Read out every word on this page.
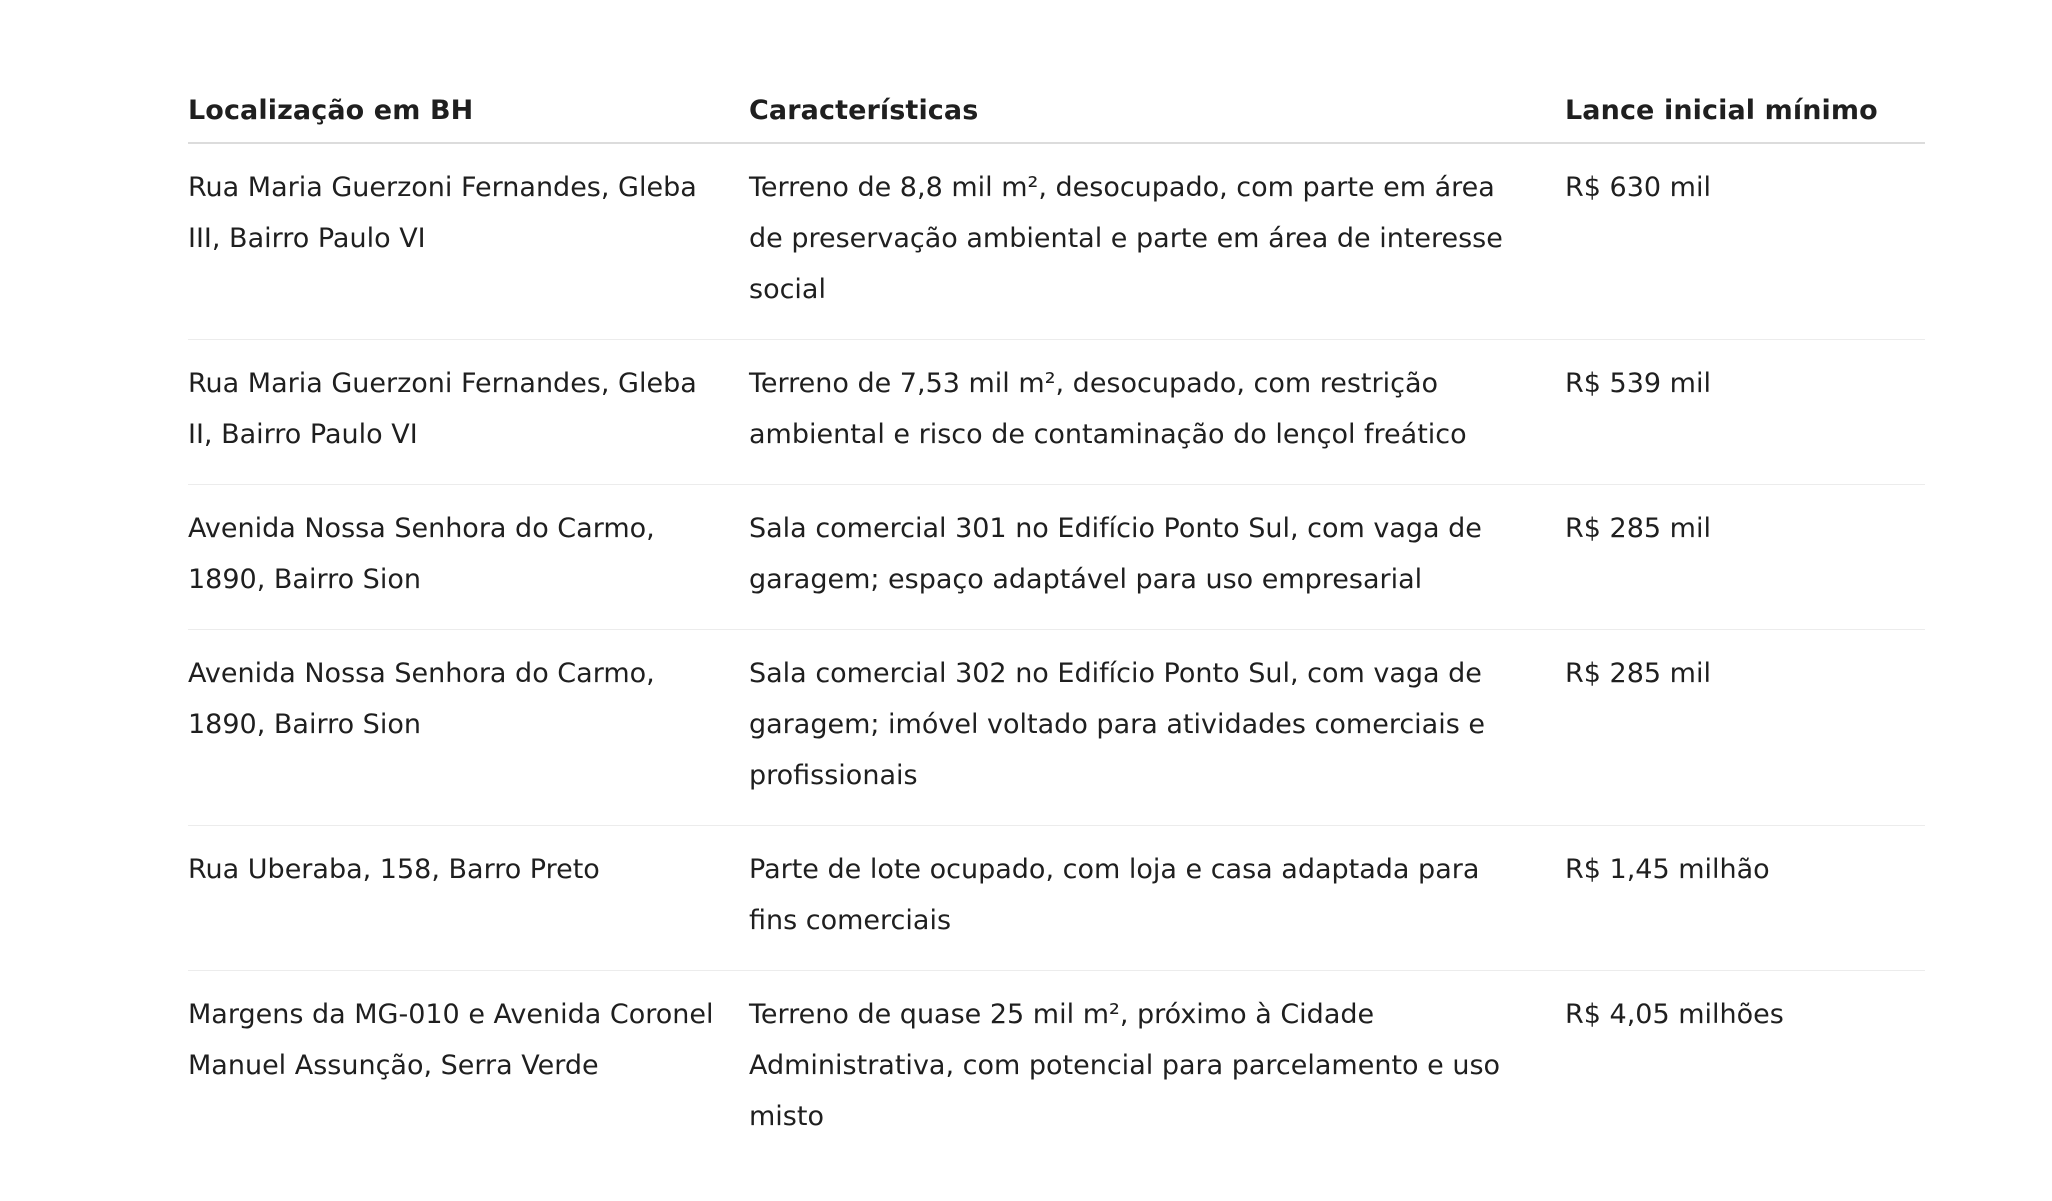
Localização em BH	Características	Lance inicial mínimo
Rua Maria Guerzoni Fernandes, Gleba III, Bairro Paulo VI	Terreno de 8,8 mil m², desocupado, com parte em área de preservação ambiental e parte em área de interesse social	R$ 630 mil
Rua Maria Guerzoni Fernandes, Gleba II, Bairro Paulo VI	Terreno de 7,53 mil m², desocupado, com restrição ambiental e risco de contaminação do lençol freático	R$ 539 mil
Avenida Nossa Senhora do Carmo, 1890, Bairro Sion	Sala comercial 301 no Edifício Ponto Sul, com vaga de garagem; espaço adaptável para uso empresarial	R$ 285 mil
Avenida Nossa Senhora do Carmo, 1890, Bairro Sion	Sala comercial 302 no Edifício Ponto Sul, com vaga de garagem; imóvel voltado para atividades comerciais e profissionais	R$ 285 mil
Rua Uberaba, 158, Barro Preto	Parte de lote ocupado, com loja e casa adaptada para fins comerciais	R$ 1,45 milhão
Margens da MG-010 e Avenida Coronel Manuel Assunção, Serra Verde	Terreno de quase 25 mil m², próximo à Cidade Administrativa, com potencial para parcelamento e uso misto	R$ 4,05 milhões
